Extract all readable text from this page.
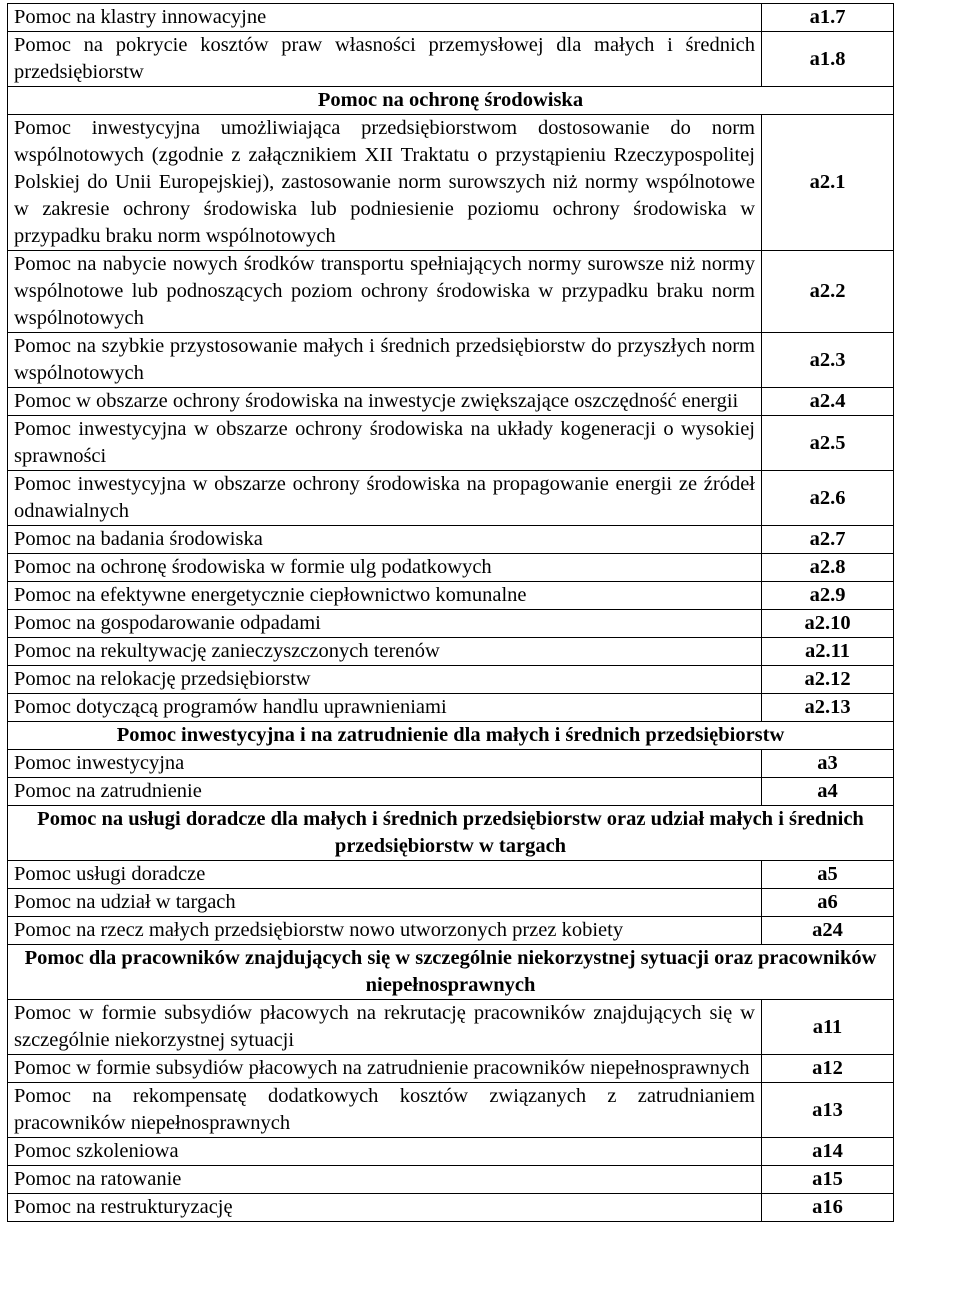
Pomoc na klastry innowacyjne	a1.7
Pomoc na pokrycie kosztów praw własności przemysłowej dla małych i średnich przedsiębiorstw	a1.8
Pomoc na ochronę środowiska	
Pomoc inwestycyjna umożliwiająca przedsiębiorstwom dostosowanie do norm wspólnotowych (zgodnie z załącznikiem XII Traktatu o przystąpieniu Rzeczypospolitej Polskiej do Unii Europejskiej), zastosowanie norm surowszych niż normy wspólnotowe w zakresie ochrony środowiska lub podniesienie poziomu ochrony środowiska w przypadku braku norm wspólnotowych	a2.1
Pomoc na nabycie nowych środków transportu spełniających normy surowsze niż normy wspólnotowe lub podnoszących poziom ochrony środowiska w przypadku braku norm wspólnotowych	a2.2
Pomoc na szybkie przystosowanie małych i średnich przedsiębiorstw do przyszłych norm wspólnotowych	a2.3
Pomoc w obszarze ochrony środowiska na inwestycje zwiększające oszczędność energii	a2.4
Pomoc inwestycyjna w obszarze ochrony środowiska na układy kogeneracji o wysokiej sprawności	a2.5
Pomoc inwestycyjna w obszarze ochrony środowiska na propagowanie energii ze źródeł odnawialnych	a2.6
Pomoc na badania środowiska	a2.7
Pomoc na ochronę środowiska w formie ulg podatkowych	a2.8
Pomoc na efektywne energetycznie ciepłownictwo komunalne	a2.9
Pomoc na gospodarowanie odpadami	a2.10
Pomoc na rekultywację zanieczyszczonych terenów	a2.11
Pomoc na relokację przedsiębiorstw	a2.12
Pomoc dotyczącą programów handlu uprawnieniami	a2.13
Pomoc inwestycyjna i na zatrudnienie dla małych i średnich przedsiębiorstw	
Pomoc inwestycyjna	a3
Pomoc na zatrudnienie	a4
Pomoc na usługi doradcze dla małych i średnich przedsiębiorstw oraz udział małych i średnich przedsiębiorstw w targach	
Pomoc usługi doradcze	a5
Pomoc na udział w targach	a6
Pomoc na rzecz małych przedsiębiorstw nowo utworzonych przez kobiety	a24
Pomoc dla pracowników znajdujących się w szczególnie niekorzystnej sytuacji oraz pracowników niepełnosprawnych	
Pomoc w formie subsydiów płacowych na rekrutację pracowników znajdujących się w szczególnie niekorzystnej sytuacji	a11
Pomoc w formie subsydiów płacowych na zatrudnienie pracowników niepełnosprawnych	a12
Pomoc na rekompensatę dodatkowych kosztów związanych z zatrudnianiem pracowników niepełnosprawnych	a13
Pomoc szkoleniowa	a14
Pomoc na ratowanie	a15
Pomoc na restrukturyzację	a16
